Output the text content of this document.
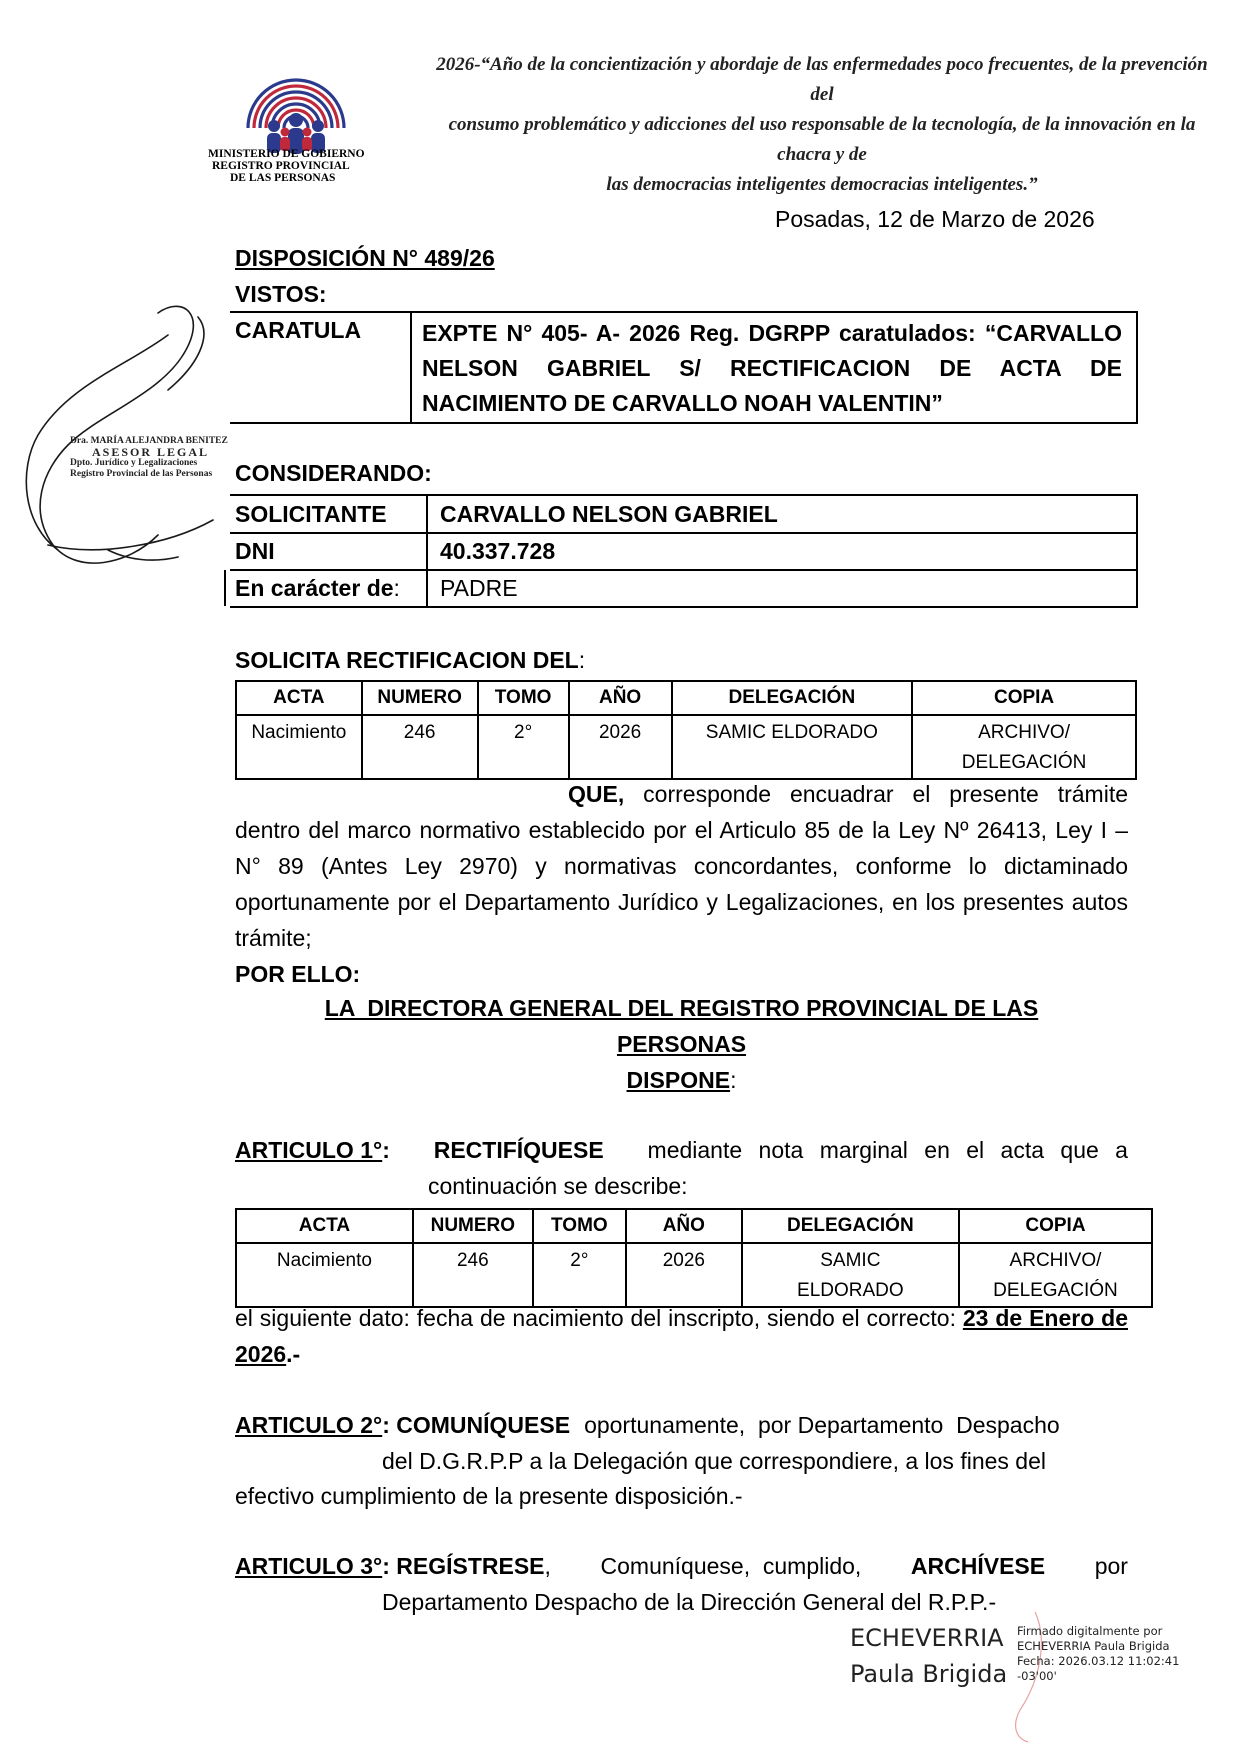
MINISTERIO DE GOBIERNO
REGISTRO PROVINCIAL
DE LAS PERSONAS
2026-“Año de la concientización y abordaje de las enfermedades poco frecuentes, de la prevención del
consumo problemático y adicciones del uso responsable de la tecnología, de la innovación en la chacra y de
las democracias inteligentes democracias inteligentes.”
Posadas, 12 de Marzo de 2026
DISPOSICIÓN N° 489/26
VISTOS:
CARATULA	EXPTE N° 405- A- 2026 Reg. DGRPP caratulados: “CARVALLO NELSON GABRIEL S/ RECTIFICACION DE ACTA DE NACIMIENTO DE CARVALLO NOAH VALENTIN”
CONSIDERANDO:
SOLICITANTE CARVALLO NELSON GABRIEL
DNI	40.337.728
En carácter de: PADRE
SOLICITA RECTIFICACION DEL:
ACTA	NUMERO	TOMO	AÑO	DELEGACIÓN	COPIA
Nacimiento	246	2°	2026	SAMIC ELDORADO	ARCHIVO/ DELEGACIÓN
QUE, corresponde encuadrar el presente trámite dentro del marco normativo establecido por el Articulo 85 de la Ley Nº 26413, Ley I – N° 89 (Antes Ley 2970) y normativas concordantes, conforme lo dictaminado oportunamente por el Departamento Jurídico y Legalizaciones, en los presentes autos trámite;
POR ELLO:
LA  DIRECTORA GENERAL DEL REGISTRO PROVINCIAL DE LAS
PERSONAS
DISPONE:
ARTICULO 1°: RECTIFÍQUESE mediante nota marginal en el acta que a
continuación se describe:
ACTA	NUMERO	TOMO	AÑO	DELEGACIÓN	COPIA
Nacimiento	246	2°	2026	SAMIC ELDORADO	ARCHIVO/ DELEGACIÓN
el siguiente dato: fecha de nacimiento del inscripto, siendo el correcto: 23 de Enero de 2026.-
ARTICULO 2°: COMUNÍQUESE oportunamente,  por Departamento  Despacho
del D.G.R.P.P a la Delegación que correspondiere, a los fines del
efectivo cumplimiento de la presente disposición.-
ARTICULO 3°: REGÍSTRESE, Comuníquese,  cumplido, ARCHÍVESE por
Departamento Despacho de la Dirección General del R.P.P.-
Dra. MARÍA ALEJANDRA BENITEZ
ASESOR LEGAL
Dpto. Jurídico y Legalizaciones
Registro Provincial de las Personas
ECHEVERRIA
Paula Brigida
Firmado digitalmente por
ECHEVERRIA Paula Brigida
Fecha: 2026.03.12 11:02:41
-03'00'
